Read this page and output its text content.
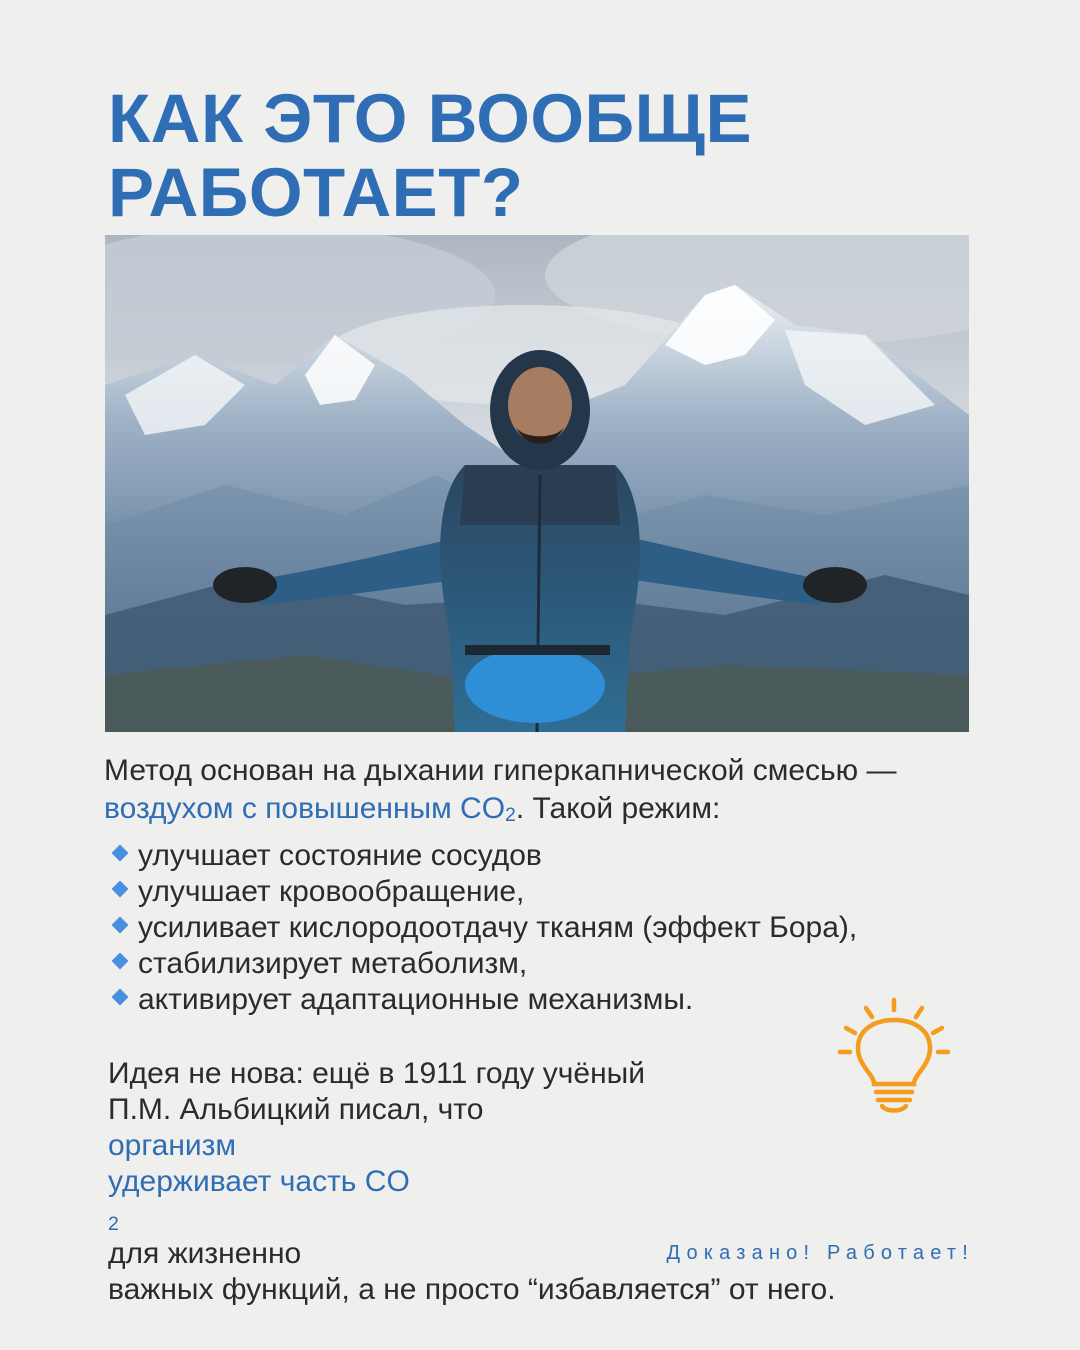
КАК ЭТО ВООБЩЕ
РАБОТАЕТ?

Метод основан на дыхании гиперкапнической смесью — воздухом с повышенным $CO_2$. Такой режим:

улучшает состояние сосудов
улучшает кровообращение,
усиливает кислородоотдачу тканям (эффект Бора),
стабилизирует метаболизм,
активирует адаптационные механизмы.

Идея не нова: ещё в 1911 году учёный
П.М. Альбицкий писал, что
организм
удерживает часть CO
$_2$
для жизненно
важных функций, а не просто “избавляется” от него.

Доказано! Работает!
